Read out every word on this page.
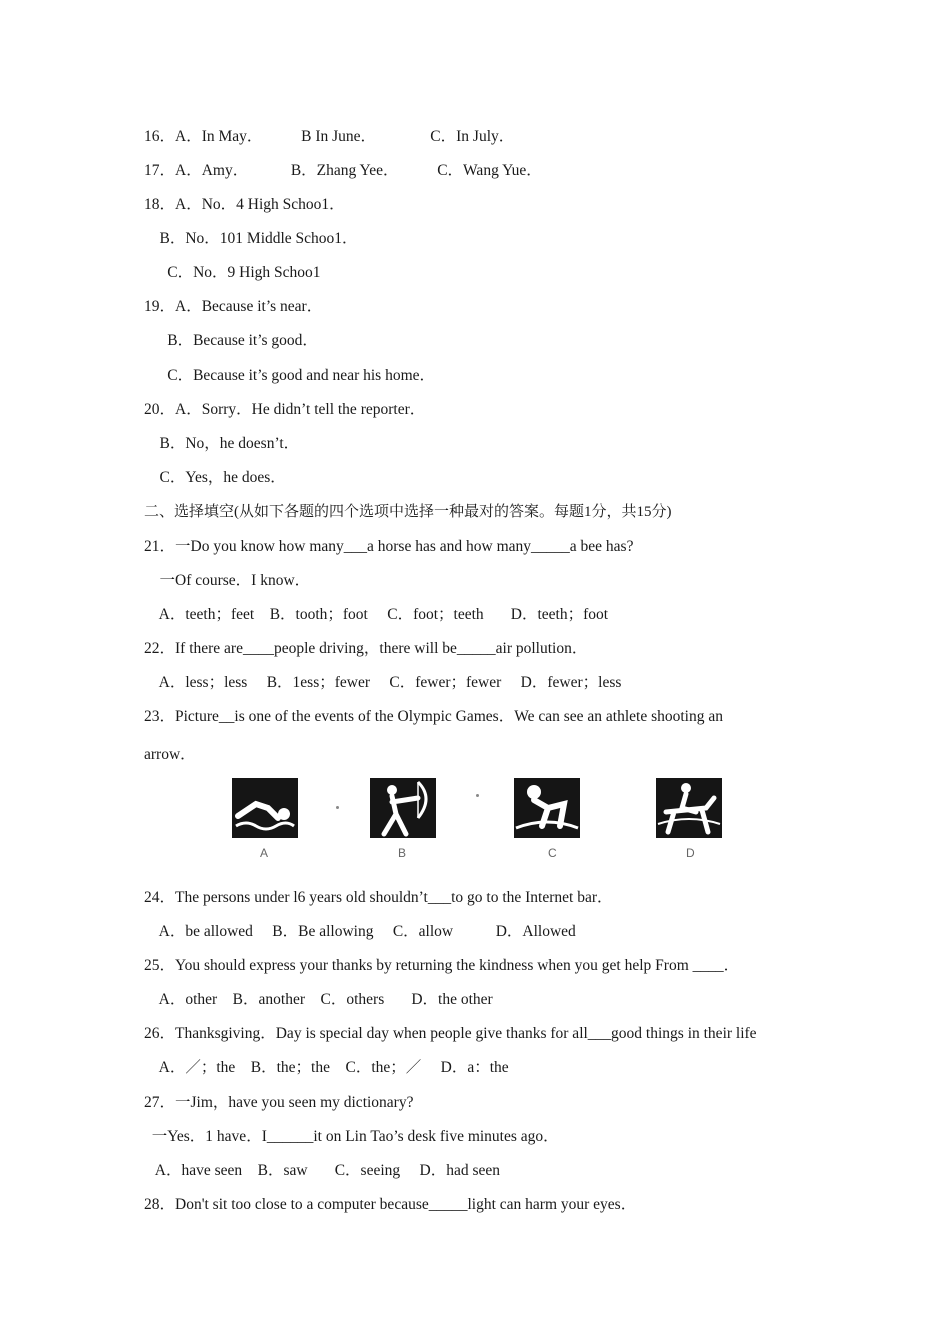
16．A．In May．          B In June．              C．In July．
17．A．Amy．           B．Zhang Yee．          C．Wang Yue．
18．A．No．4 High Schoo1．
B．No．101 Middle Schoo1．
C．No．9 High Schoo1
19．A．Because it’s near．
B．Because it’s good．
C．Because it’s good and near his home．
20．A．Sorry．He didn’t tell the reporter．
B．No，he doesn’t．
C．Yes，he does．
二、选择填空(从如下各题的四个选项中选择一种最对的答案。每题1分，共15分)
21．一Do you know how many___a horse has and how many_____a bee has?
一Of course．I know．
A．teeth；feet    B．tooth；foot     C．foot；teeth       D．teeth；foot
22．If there are____people driving，there will be_____air pollution．
A．less；less     B．1ess；fewer     C．fewer；fewer     D．fewer；less
23．Picture__is one of the events of the Olympic Games．We can see an athlete shooting an
arrow．
A	B	C	D
24．The persons under l6 years old shouldn’t___to go to the Internet bar．
A．be allowed     B．Be allowing     C．allow           D．Allowed
25．You should express your thanks by returning the kindness when you get help From ____．
A．other    B．another    C．others       D．the other
26．Thanksgiving．Day is special day when people give thanks for all___good things in their life
A．／；the    B．the；the    C．the；／     D．a：the
27．一Jim，have you seen my dictionary?
一Yes．1 have．I______it on Lin Tao’s desk five minutes ago．
A．have seen    B．saw       C．seeing     D．had seen
28．Don't sit too close to a computer because_____light can harm your eyes．
